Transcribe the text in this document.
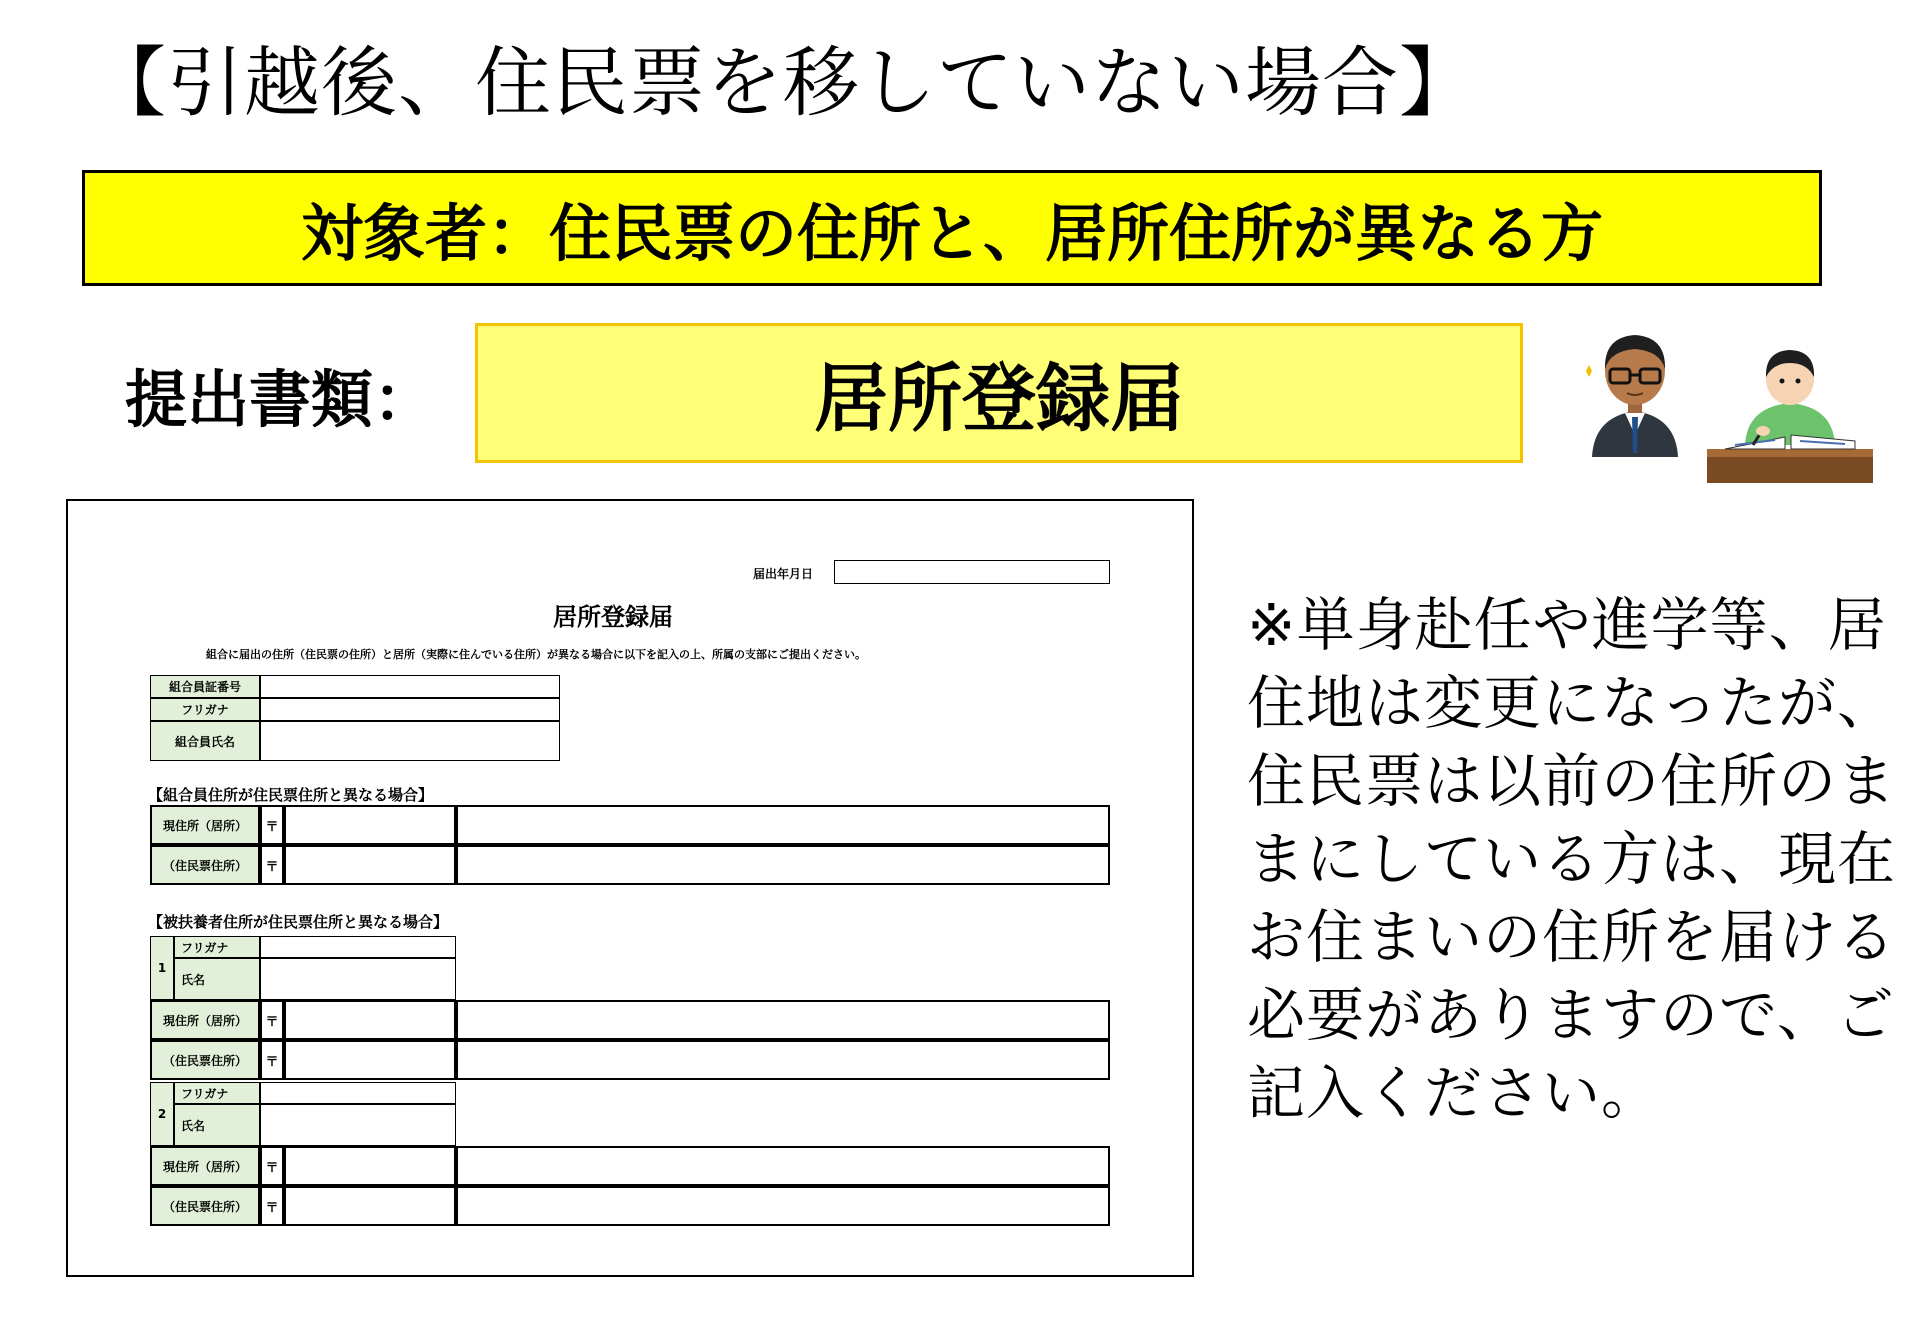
【引越後、住民票を移していない場合】
対象者：住民票の住所と、居所住所が異なる方
提出書類：	居所登録届
届出年月日
居所登録届
組合に届出の住所（住民票の住所）と居所（実際に住んでいる住所）が異なる場合に以下を記入の上、所属の支部にご提出ください。
組合員証番号
フリガナ
組合員氏名
【組合員住所が住民票住所と異なる場合】
現住所（居所）	〒
（住民票住所）	〒
【被扶養者住所が住民票住所と異なる場合】
1
フリガナ
氏名
現住所（居所）	〒
（住民票住所）	〒
2
フリガナ
氏名
現住所（居所）	〒
（住民票住所）	〒
※単身赴任や進学等、居住地は変更になったが、住民票は以前の住所のままにしている方は、現在お住まいの住所を届ける必要がありますので、ご記入ください。
